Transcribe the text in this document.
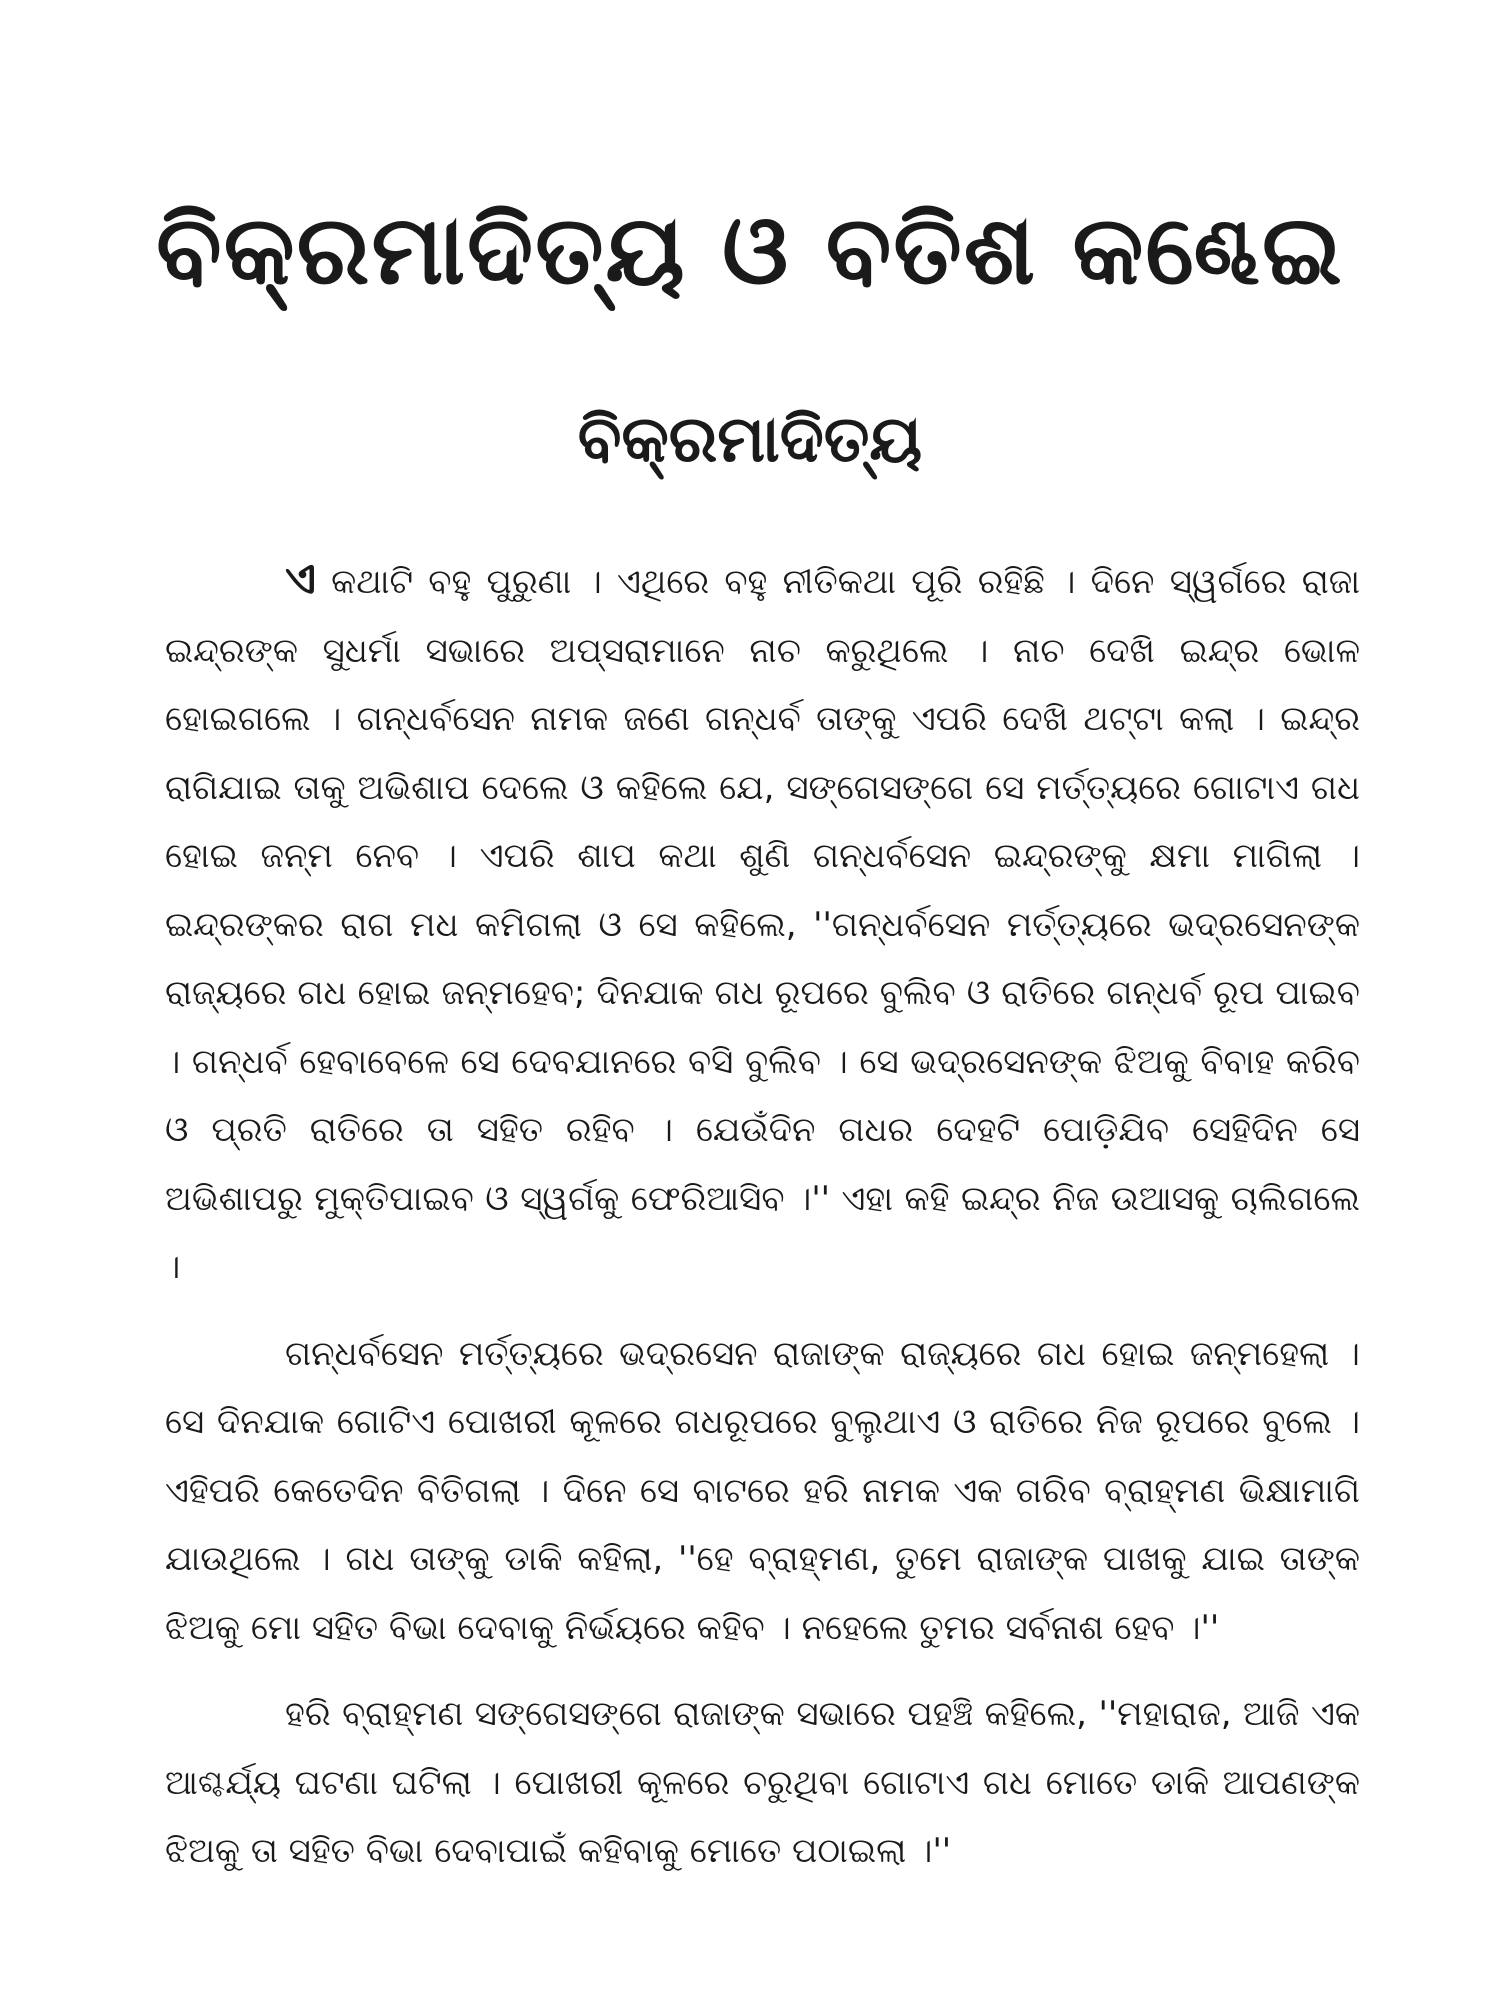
ବିକ୍ରମାଦିତ୍ୟ ଓ ବତିଶ କଣ୍ଢେଇ
ବିକ୍ରମାଦିତ୍ୟ

ଏ କଥାଟି ବହୁ ପୁରୁଣା । ଏଥିରେ ବହୁ ନୀତିକଥା ପୂରି ରହିଛି । ଦିନେ ସ୍ୱର୍ଗରେ ରାଜା ଇନ୍ଦ୍ରଙ୍କ ସୁଧର୍ମା ସଭାରେ ଅପ୍ସରାମାନେ ନାଚ କରୁଥିଲେ । ନାଚ ଦେଖି ଇନ୍ଦ୍ର ଭୋଳ ହୋଇଗଲେ । ଗନ୍ଧର୍ବସେନ ନାମକ ଜଣେ ଗନ୍ଧର୍ବ ତାଙ୍କୁ ଏପରି ଦେଖି ଥଟ୍ଟା କଲା । ଇନ୍ଦ୍ର ରାଗିଯାଇ ତାକୁ ଅଭିଶାପ ଦେଲେ ଓ କହିଲେ ଯେ, ସଙ୍ଗେସଙ୍ଗେ ସେ ମର୍ତ୍ତ୍ୟରେ ଗୋଟାଏ ଗଧ ହୋଇ ଜନ୍ମ ନେବ । ଏପରି ଶାପ କଥା ଶୁଣି ଗନ୍ଧର୍ବସେନ ଇନ୍ଦ୍ରଙ୍କୁ କ୍ଷମା ମାଗିଲା । ଇନ୍ଦ୍ରଙ୍କର ରାଗ ମଧ କମିଗଲା ଓ ସେ କହିଲେ, ''ଗନ୍ଧର୍ବସେନ ମର୍ତ୍ତ୍ୟରେ ଭଦ୍ରସେନଙ୍କ ରାଜ୍ୟରେ ଗଧ ହୋଇ ଜନ୍ମହେବ; ଦିନଯାକ ଗଧ ରୂପରେ ବୁଲିବ ଓ ରାତିରେ ଗନ୍ଧର୍ବ ରୂପ ପାଇବ । ଗନ୍ଧର୍ବ ହେବାବେଳେ ସେ ଦେବଯାନରେ ବସି ବୁଲିବ । ସେ ଭଦ୍ରସେନଙ୍କ ଝିଅକୁ ବିବାହ କରିବ ଓ ପ୍ରତି ରାତିରେ ତା ସହିତ ରହିବ । ଯେଉଁଦିନ ଗଧର ଦେହଟି ପୋଡ଼ିଯିବ ସେହିଦିନ ସେ ଅଭିଶାପରୁ ମୁକ୍ତିପାଇବ ଓ ସ୍ୱର୍ଗକୁ ଫେରିଆସିବ ।'' ଏହା କହି ଇନ୍ଦ୍ର ନିଜ ଉଆସକୁ ଚାଲିଗଲେ ।

ଗନ୍ଧର୍ବସେନ ମର୍ତ୍ତ୍ୟରେ ଭଦ୍ରସେନ ରାଜାଙ୍କ ରାଜ୍ୟରେ ଗଧ ହୋଇ ଜନ୍ମହେଲା । ସେ ଦିନଯାକ ଗୋଟିଏ ପୋଖରୀ କୂଳରେ ଗଧରୂପରେ ବୁଲୁଥାଏ ଓ ରାତିରେ ନିଜ ରୂପରେ ବୁଲେ । ଏହିପରି କେତେଦିନ ବିତିଗଲା । ଦିନେ ସେ ବାଟରେ ହରି ନାମକ ଏକ ଗରିବ ବ୍ରାହ୍ମଣ ଭିକ୍ଷାମାଗି ଯାଉଥିଲେ । ଗଧ ତାଙ୍କୁ ଡାକି କହିଲା, ''ହେ ବ୍ରାହ୍ମଣ, ତୁମେ ରାଜାଙ୍କ ପାଖକୁ ଯାଇ ତାଙ୍କ ଝିଅକୁ ମୋ ସହିତ ବିଭା ଦେବାକୁ ନିର୍ଭୟରେ କହିବ । ନହେଲେ ତୁମର ସର୍ବନାଶ ହେବ ।''

ହରି ବ୍ରାହ୍ମଣ ସଙ୍ଗେସଙ୍ଗେ ରାଜାଙ୍କ ସଭାରେ ପହଞ୍ଚି କହିଲେ, ''ମହାରାଜ, ଆଜି ଏକ ଆଶ୍ଚର୍ଯ୍ୟ ଘଟଣା ଘଟିଲା । ପୋଖରୀ କୂଳରେ ଚରୁଥିବା ଗୋଟାଏ ଗଧ ମୋତେ ଡାକି ଆପଣଙ୍କ ଝିଅକୁ ତା ସହିତ ବିଭା ଦେବାପାଇଁ କହିବାକୁ ମୋତେ ପଠାଇଲା ।''
